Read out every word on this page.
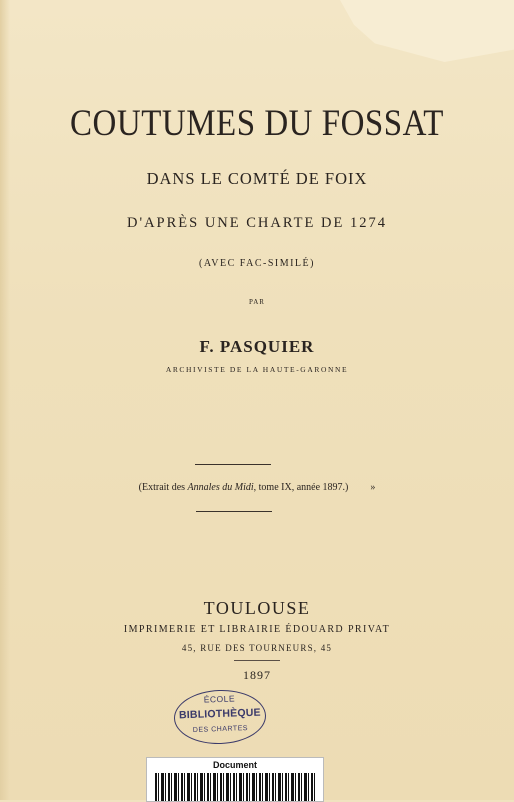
COUTUMES DU FOSSAT
DANS LE COMTÉ DE FOIX
D'APRÈS UNE CHARTE DE 1274
(AVEC FAC-SIMILÉ)
PAR
F. PASQUIER
ARCHIVISTE DE LA HAUTE-GARONNE
(Extrait des Annales du Midi, tome IX, année 1897.) »
TOULOUSE
IMPRIMERIE ET LIBRAIRIE ÉDOUARD PRIVAT
45, RUE DES TOURNEURS, 45
1897
ÉCOLE
BIBLIOTHÈQUE
DES CHARTES
Document
